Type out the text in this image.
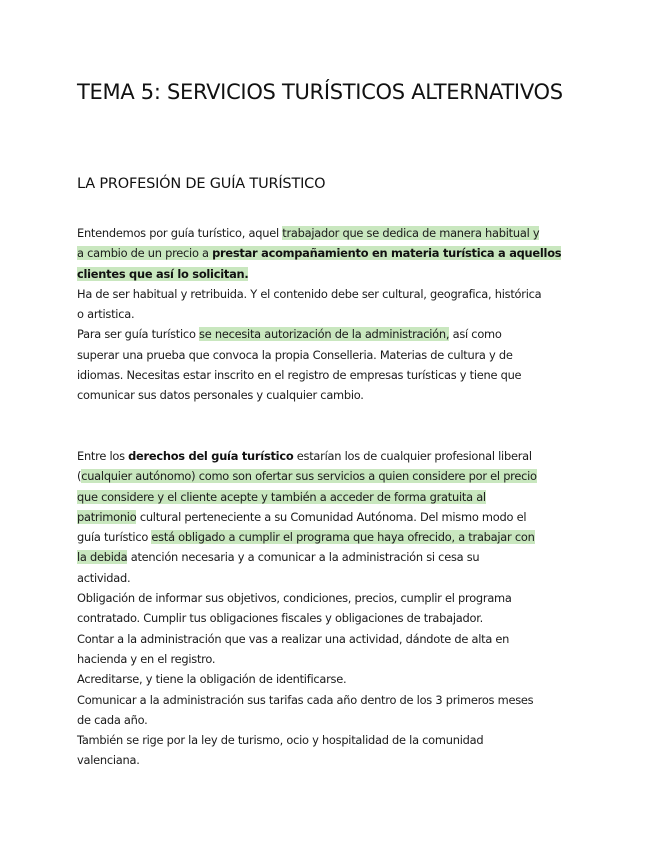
TEMA 5: SERVICIOS TURÍSTICOS ALTERNATIVOS
LA PROFESIÓN DE GUÍA TURÍSTICO
Entendemos por guía turístico, aquel trabajador que se dedica de manera habitual y
a cambio de un precio a prestar acompañamiento en materia turística a aquellos
clientes que así lo solicitan.
Ha de ser habitual y retribuida. Y el contenido debe ser cultural, geografica, histórica
o artistica.
Para ser guía turístico se necesita autorización de la administración, así como
superar una prueba que convoca la propia Conselleria. Materias de cultura y de
idiomas. Necesitas estar inscrito en el registro de empresas turísticas y tiene que
comunicar sus datos personales y cualquier cambio.
Entre los derechos del guía turístico estarían los de cualquier profesional liberal
(cualquier autónomo) como son ofertar sus servicios a quien considere por el precio
que considere y el cliente acepte y también a acceder de forma gratuita al
patrimonio cultural perteneciente a su Comunidad Autónoma. Del mismo modo el
guía turístico está obligado a cumplir el programa que haya ofrecido, a trabajar con
la debida atención necesaria y a comunicar a la administración si cesa su
actividad.
Obligación de informar sus objetivos, condiciones, precios, cumplir el programa
contratado. Cumplir tus obligaciones fiscales y obligaciones de trabajador.
Contar a la administración que vas a realizar una actividad, dándote de alta en
hacienda y en el registro.
Acreditarse, y tiene la obligación de identificarse.
Comunicar a la administración sus tarifas cada año dentro de los 3 primeros meses
de cada año.
También se rige por la ley de turismo, ocio y hospitalidad de la comunidad
valenciana.
